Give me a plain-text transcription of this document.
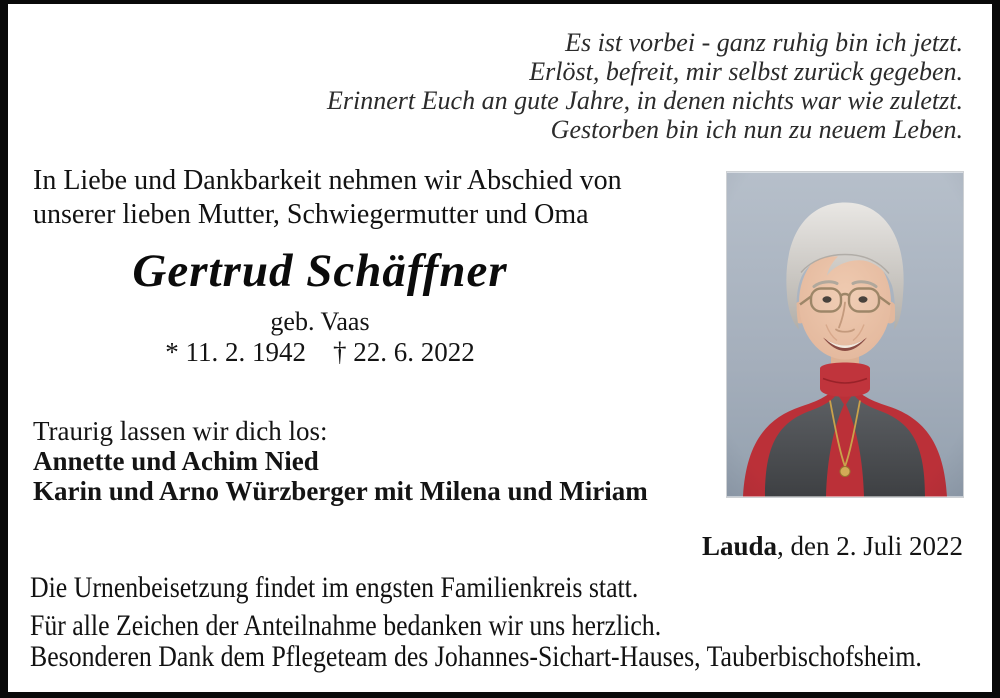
Es ist vorbei - ganz ruhig bin ich jetzt.
Erlöst, befreit, mir selbst zurück gegeben.
Erinnert Euch an gute Jahre, in denen nichts war wie zuletzt.
Gestorben bin ich nun zu neuem Leben.
In Liebe und Dankbarkeit nehmen wir Abschied von
unserer lieben Mutter, Schwiegermutter und Oma
Gertrud Schäffner
geb. Vaas
* 11. 2. 1942    † 22. 6. 2022
Traurig lassen wir dich los:
Annette und Achim Nied
Karin und Arno Würzberger mit Milena und Miriam
Lauda, den 2. Juli 2022
Die Urnenbeisetzung findet im engsten Familienkreis statt.
Für alle Zeichen der Anteilnahme bedanken wir uns herzlich.
Besonderen Dank dem Pflegeteam des Johannes-Sichart-Hauses, Tauberbischofsheim.
